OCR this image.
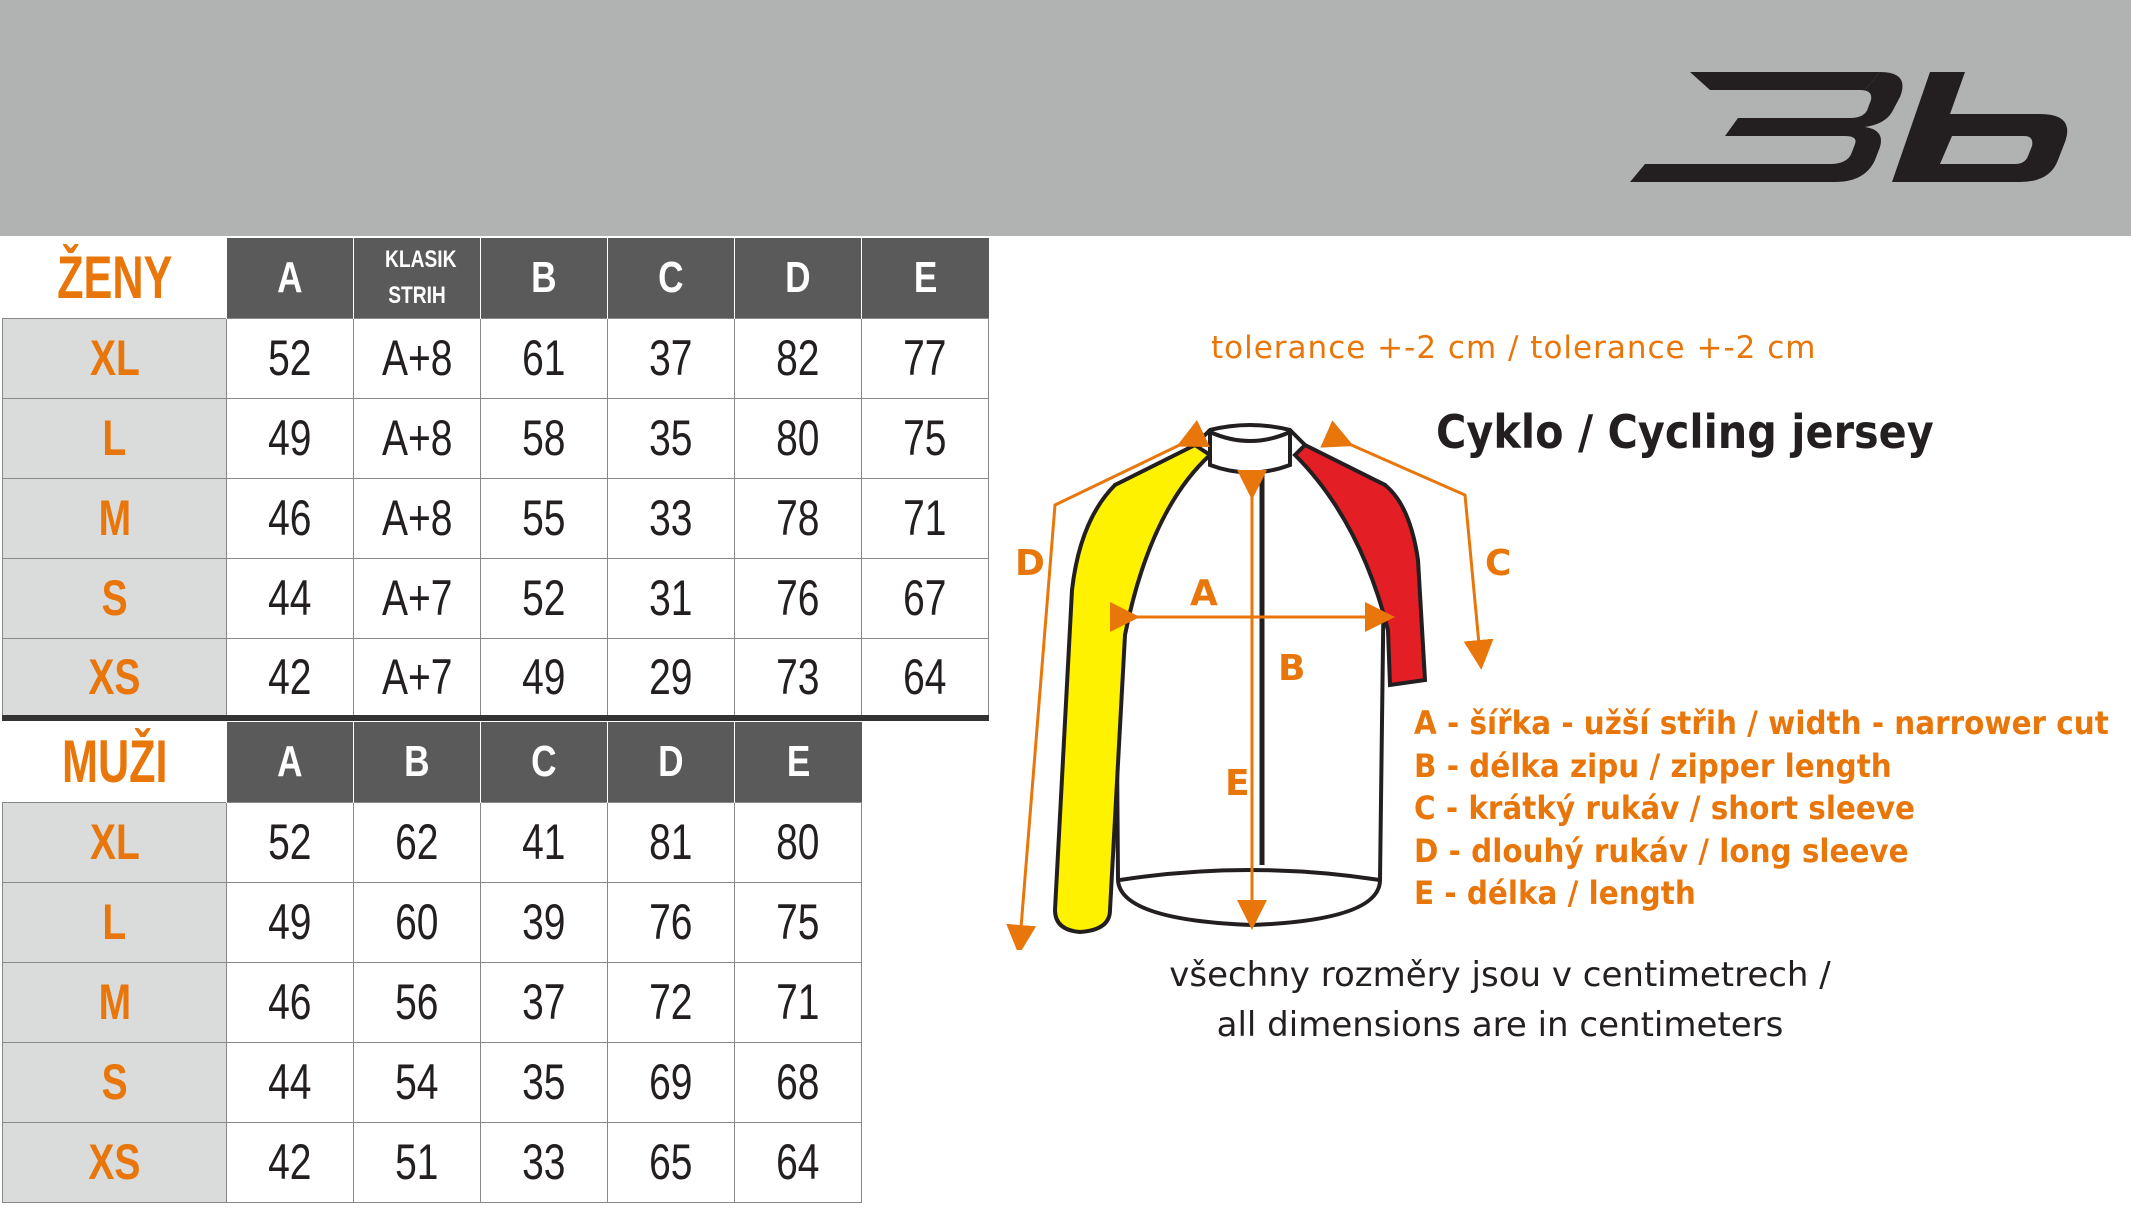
ŽENY	A	KLASIK STRIH	B	C	D	E
XL	52	A+8	61	37	82	77
L	49	A+8	58	35	80	75
M	46	A+8	55	33	78	71
S	44	A+7	52	31	76	67
XS	42	A+7	49	29	73	64
MUŽI	A	B	C	D	E
XL	52	62	41	81	80
L	49	60	39	76	75
M	46	56	37	72	71
S	44	54	35	69	68
XS	42	51	33	65	64
tolerance +-2 cm / tolerance +-2 cm
Cyklo / Cycling jersey
A
B
C
D
E
A - šířka - užší střih / width - narrower cut
B - délka zipu / zipper length
C - krátký rukáv / short sleeve
D - dlouhý rukáv / long sleeve
E - délka / length
všechny rozměry jsou v centimetrech /
all dimensions are in centimeters
